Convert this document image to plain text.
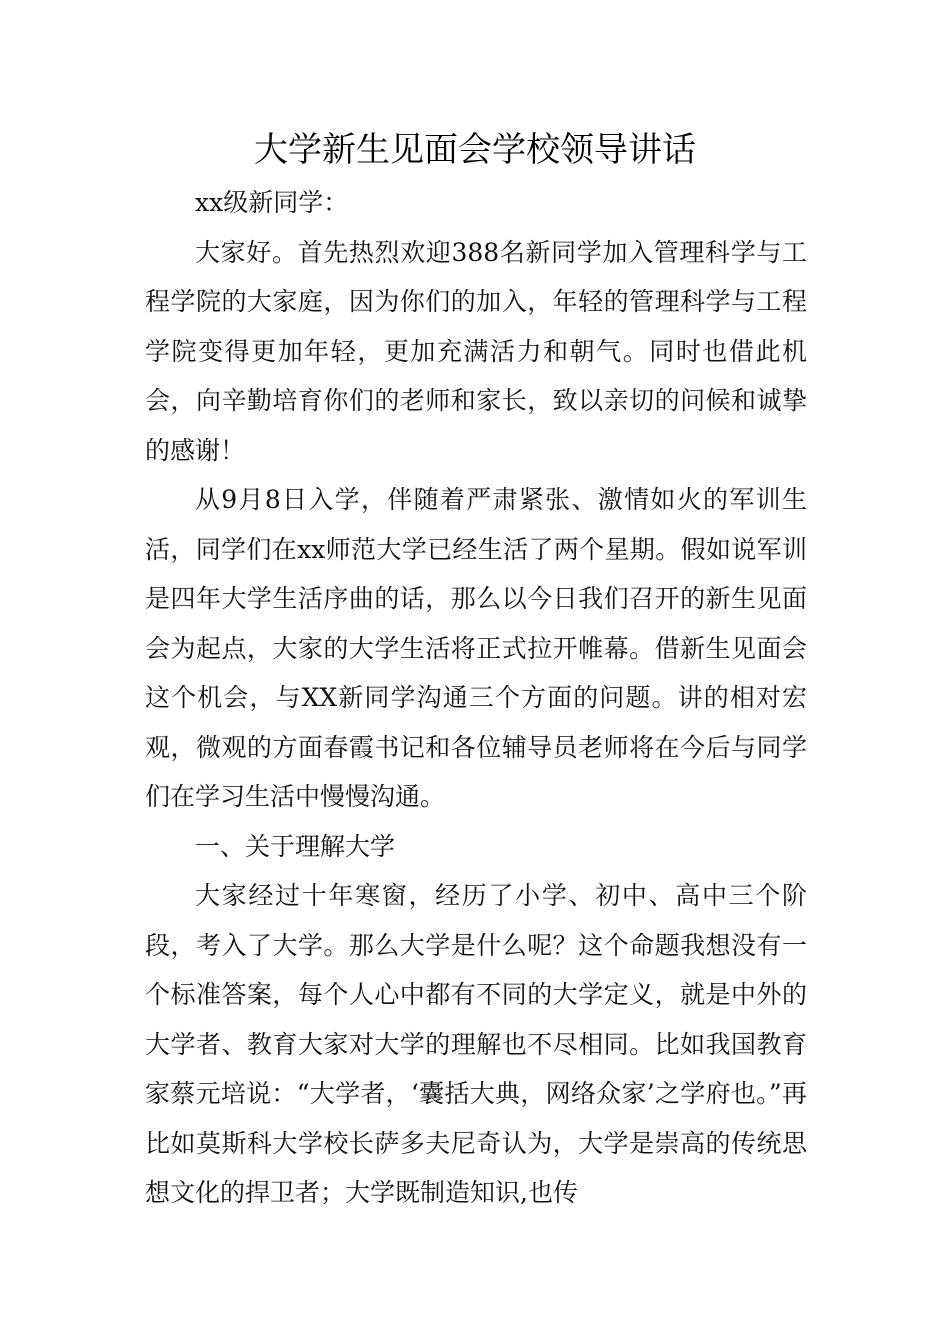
大学新生见面会学校领导讲话

xx级新同学：

大家好。首先热烈欢迎388名新同学加入管理科学与工程学院的大家庭，因为你们的加入，年轻的管理科学与工程学院变得更加年轻，更加充满活力和朝气。同时也借此机会，向辛勤培育你们的老师和家长，致以亲切的问候和诚挚的感谢！

从9月8日入学，伴随着严肃紧张、激情如火的军训生活，同学们在xx师范大学已经生活了两个星期。假如说军训是四年大学生活序曲的话，那么以今日我们召开的新生见面会为起点，大家的大学生活将正式拉开帷幕。借新生见面会这个机会，与XX新同学沟通三个方面的问题。讲的相对宏观，微观的方面春霞书记和各位辅导员老师将在今后与同学们在学习生活中慢慢沟通。

一、关于理解大学

大家经过十年寒窗，经历了小学、初中、高中三个阶段，考入了大学。那么大学是什么呢？这个命题我想没有一个标准答案，每个人心中都有不同的大学定义，就是中外的大学者、教育大家对大学的理解也不尽相同。比如我国教育家蔡元培说：“大学者，‘囊括大典，网络众家’之学府也。”再比如莫斯科大学校长萨多夫尼奇认为，大学是崇高的传统思想文化的捍卫者；大学既制造知识,也传
